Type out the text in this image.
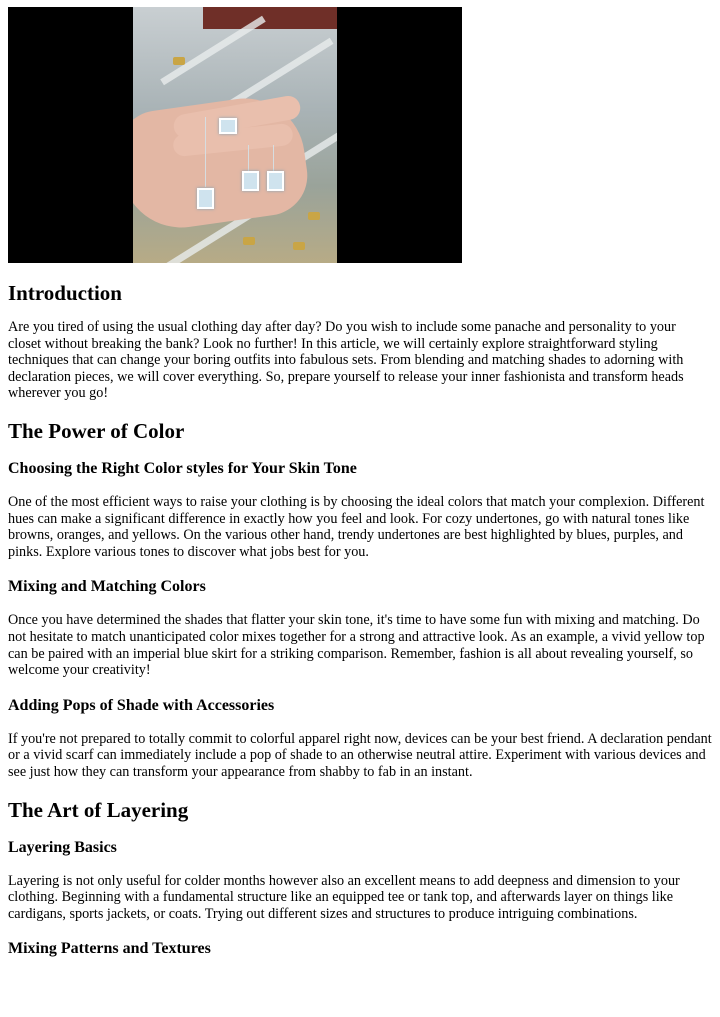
Introduction

Are you tired of using the usual clothing day after day? Do you wish to include some panache and personality to your closet without breaking the bank? Look no further! In this article, we will certainly explore straightforward styling techniques that can change your boring outfits into fabulous sets. From blending and matching shades to adorning with declaration pieces, we will cover everything. So, prepare yourself to release your inner fashionista and transform heads wherever you go!

The Power of Color
Choosing the Right Color styles for Your Skin Tone

One of the most efficient ways to raise your clothing is by choosing the ideal colors that match your complexion. Different hues can make a significant difference in exactly how you feel and look. For cozy undertones, go with natural tones like browns, oranges, and yellows. On the various other hand, trendy undertones are best highlighted by blues, purples, and pinks. Explore various tones to discover what jobs best for you.

Mixing and Matching Colors

Once you have determined the shades that flatter your skin tone, it's time to have some fun with mixing and matching. Do not hesitate to match unanticipated color mixes together for a strong and attractive look. As an example, a vivid yellow top can be paired with an imperial blue skirt for a striking comparison. Remember, fashion is all about revealing yourself, so welcome your creativity!

Adding Pops of Shade with Accessories

If you're not prepared to totally commit to colorful apparel right now, devices can be your best friend. A declaration pendant or a vivid scarf can immediately include a pop of shade to an otherwise neutral attire. Experiment with various devices and see just how they can transform your appearance from shabby to fab in an instant.

The Art of Layering
Layering Basics

Layering is not only useful for colder months however also an excellent means to add deepness and dimension to your clothing. Beginning with a fundamental structure like an equipped tee or tank top, and afterwards layer on things like cardigans, sports jackets, or coats. Trying out different sizes and structures to produce intriguing combinations.

Mixing Patterns and Textures
